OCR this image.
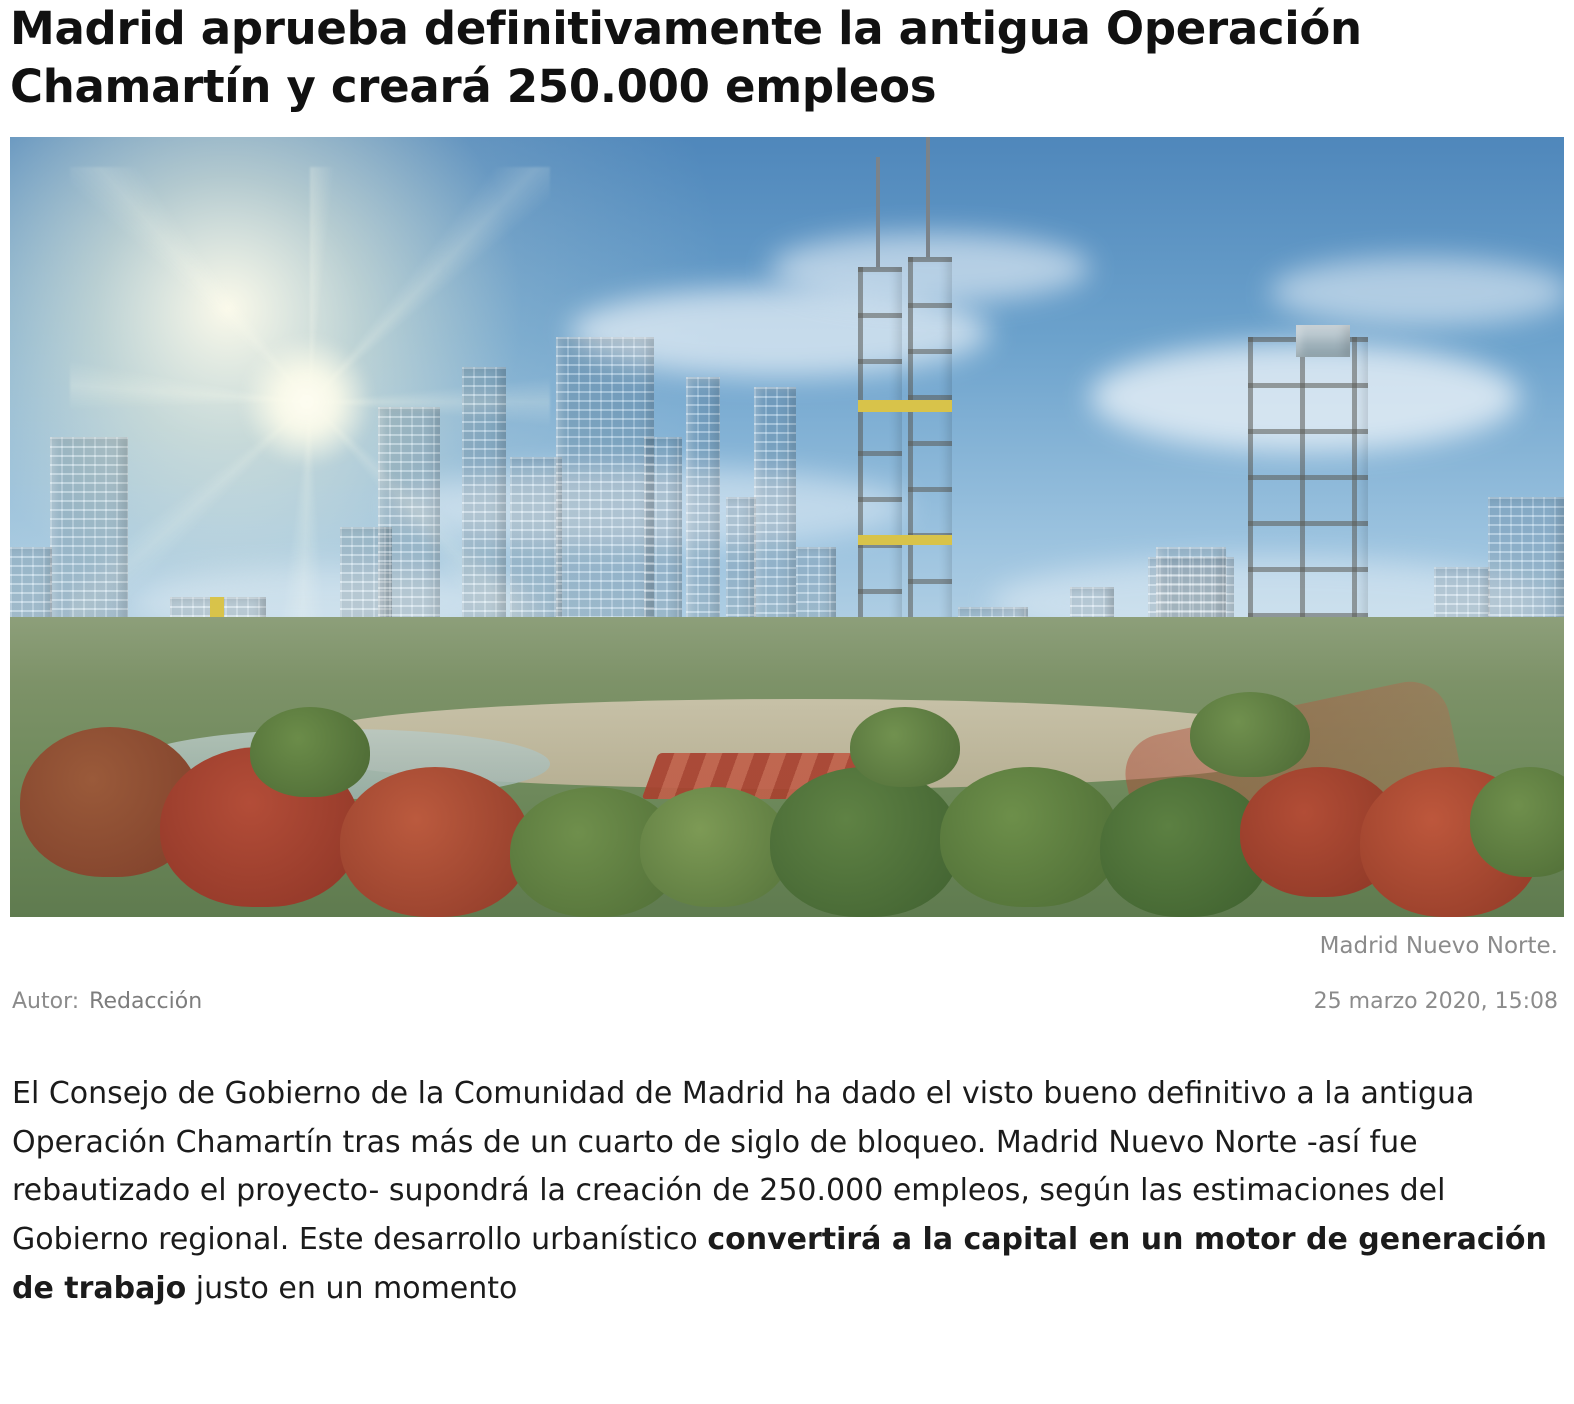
Madrid aprueba definitivamente la antigua Operación Chamartín y creará 250.000 empleos
Madrid Nuevo Norte.
Autor: Redacción	25 marzo 2020, 15:08

El Consejo de Gobierno de la Comunidad de Madrid ha dado el visto bueno definitivo a la antigua Operación Chamartín tras más de un cuarto de siglo de bloqueo. Madrid Nuevo Norte -así fue rebautizado el proyecto- supondrá la creación de 250.000 empleos, según las estimaciones del Gobierno regional. Este desarrollo urbanístico convertirá a la capital en un motor de generación de trabajo justo en un momento
